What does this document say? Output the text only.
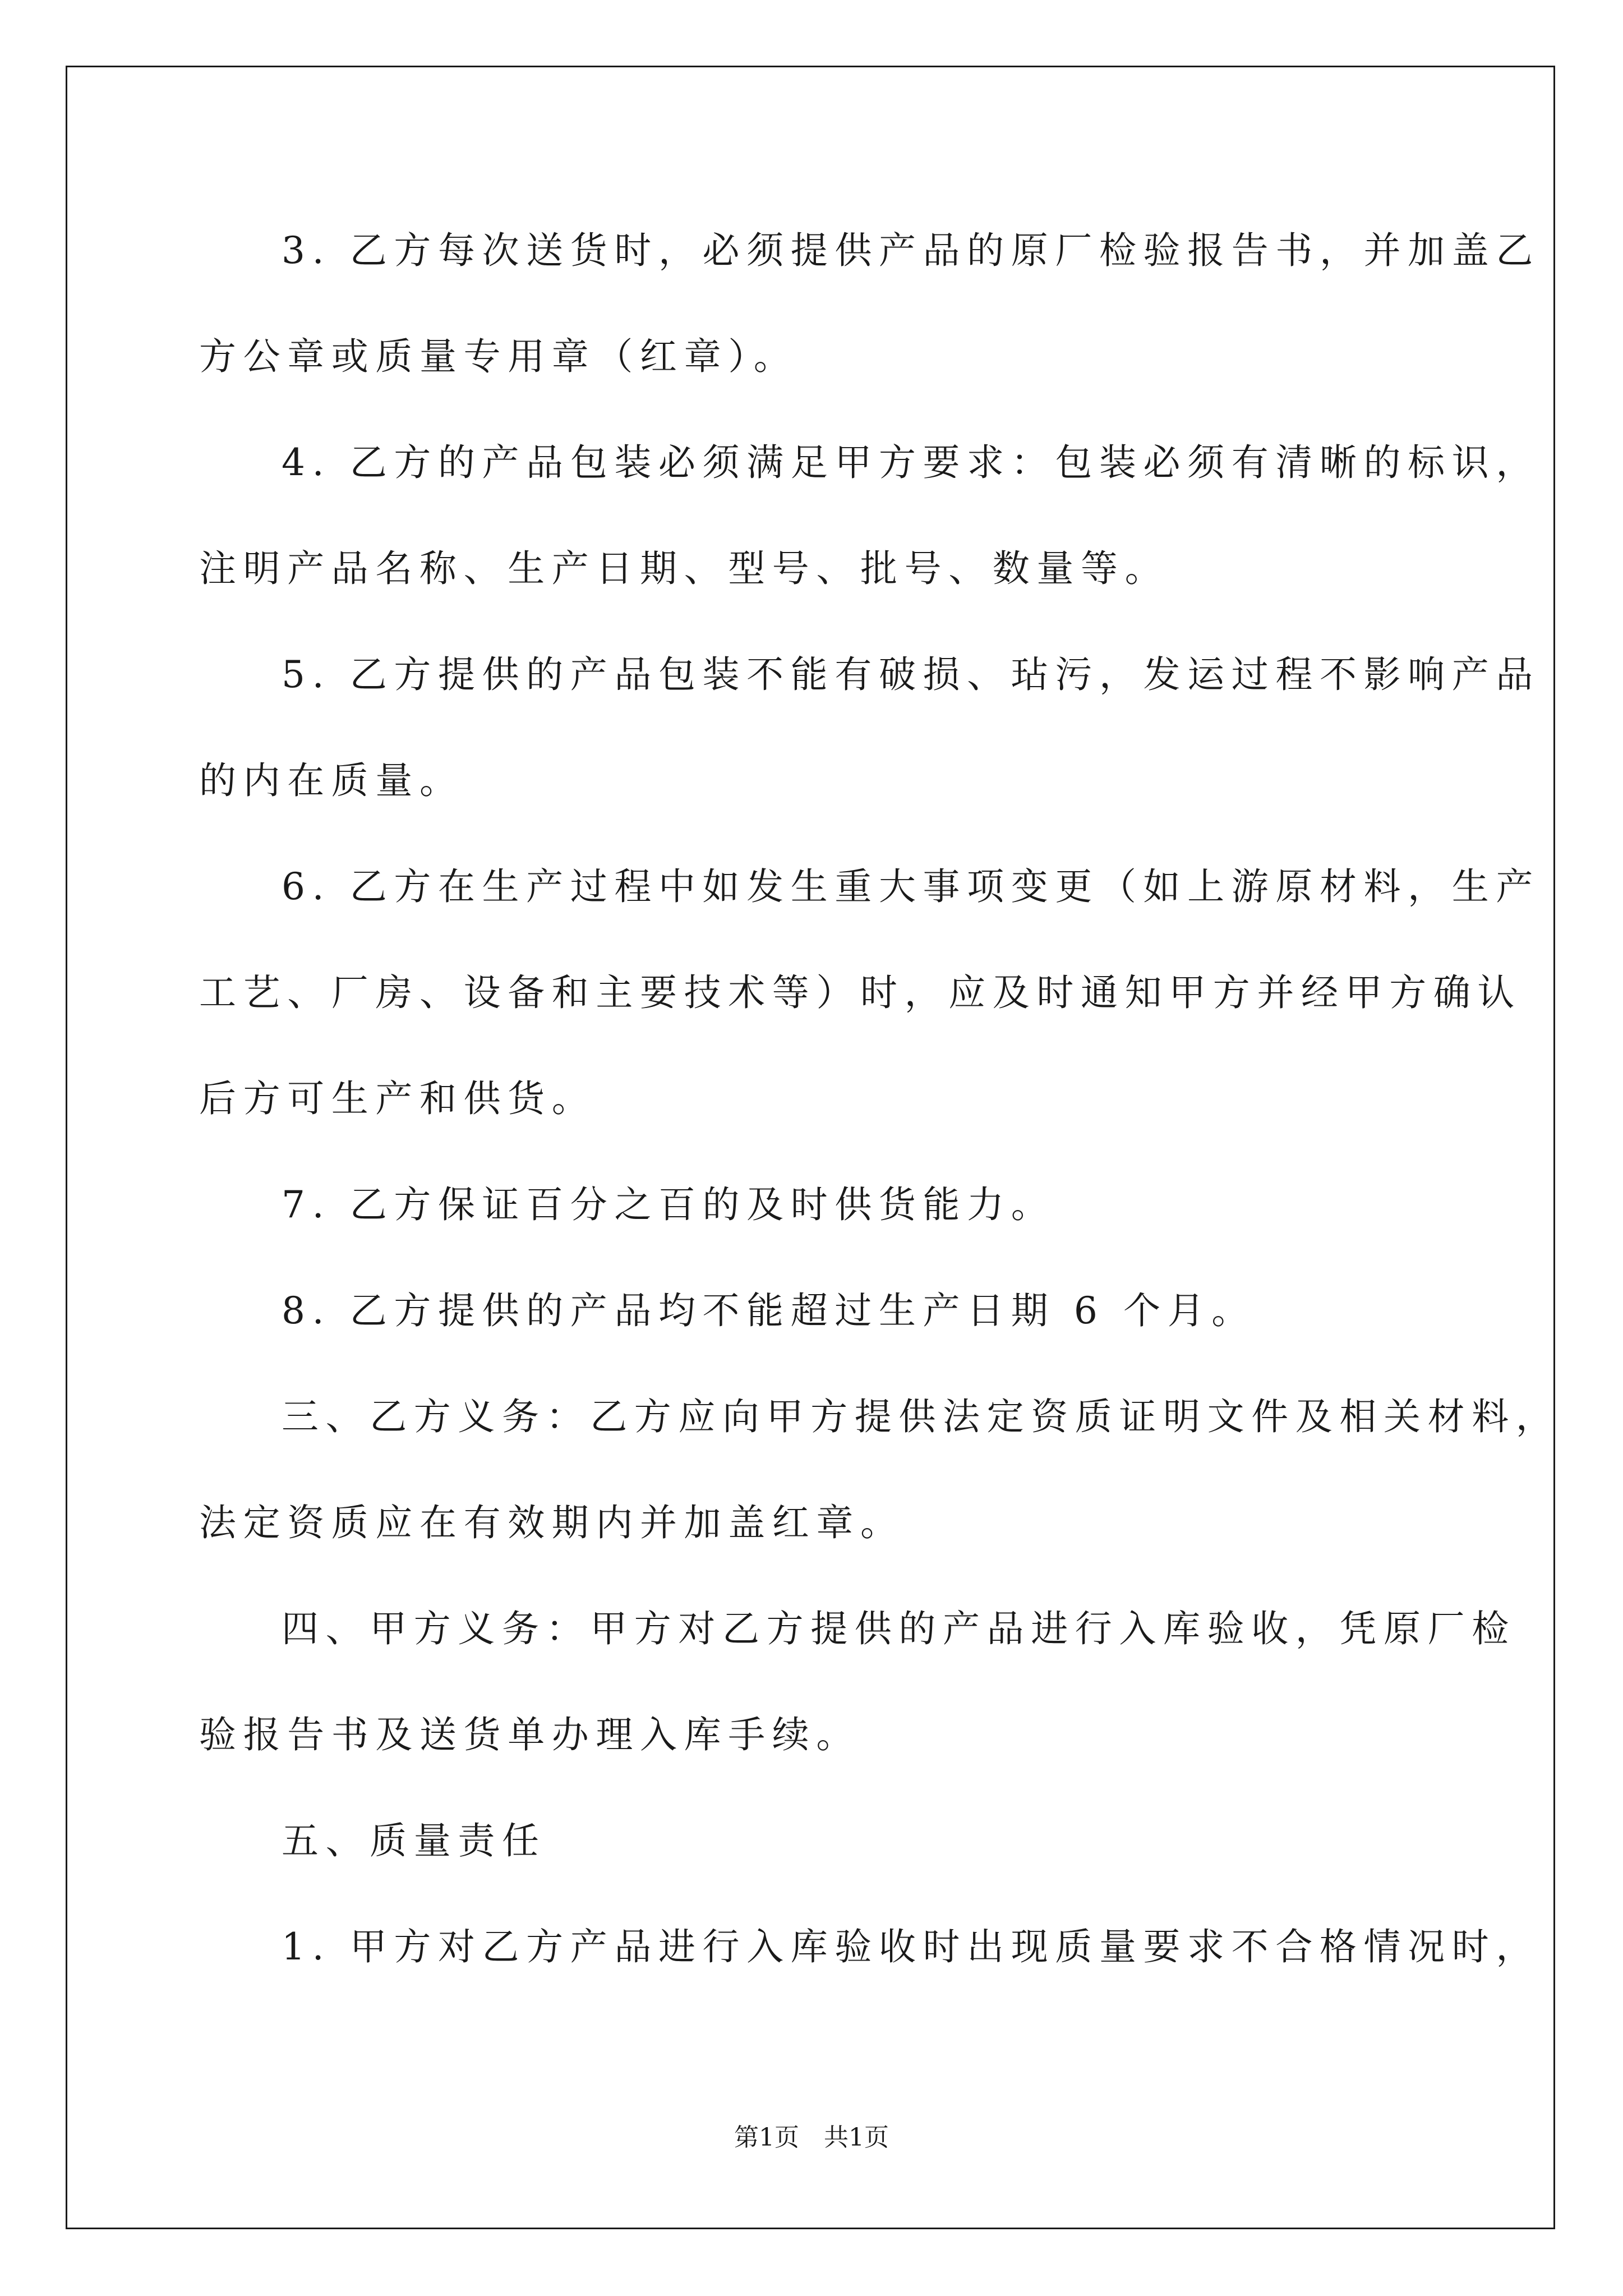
3. 乙方每次送货时，必须提供产品的原厂检验报告书，并加盖乙
方公章或质量专用章（红章）。
4. 乙方的产品包装必须满足甲方要求：包装必须有清晰的标识，
注明产品名称、生产日期、型号、批号、数量等。
5. 乙方提供的产品包装不能有破损、玷污，发运过程不影响产品
的内在质量。
6. 乙方在生产过程中如发生重大事项变更（如上游原材料，生产
工艺、厂房、设备和主要技术等）时，应及时通知甲方并经甲方确认
后方可生产和供货。
7. 乙方保证百分之百的及时供货能力。
8. 乙方提供的产品均不能超过生产日期 6 个月。
三、乙方义务：乙方应向甲方提供法定资质证明文件及相关材料，
法定资质应在有效期内并加盖红章。
四、甲方义务：甲方对乙方提供的产品进行入库验收，凭原厂检
验报告书及送货单办理入库手续。
五、质量责任
1. 甲方对乙方产品进行入库验收时出现质量要求不合格情况时，
第1页　共1页
